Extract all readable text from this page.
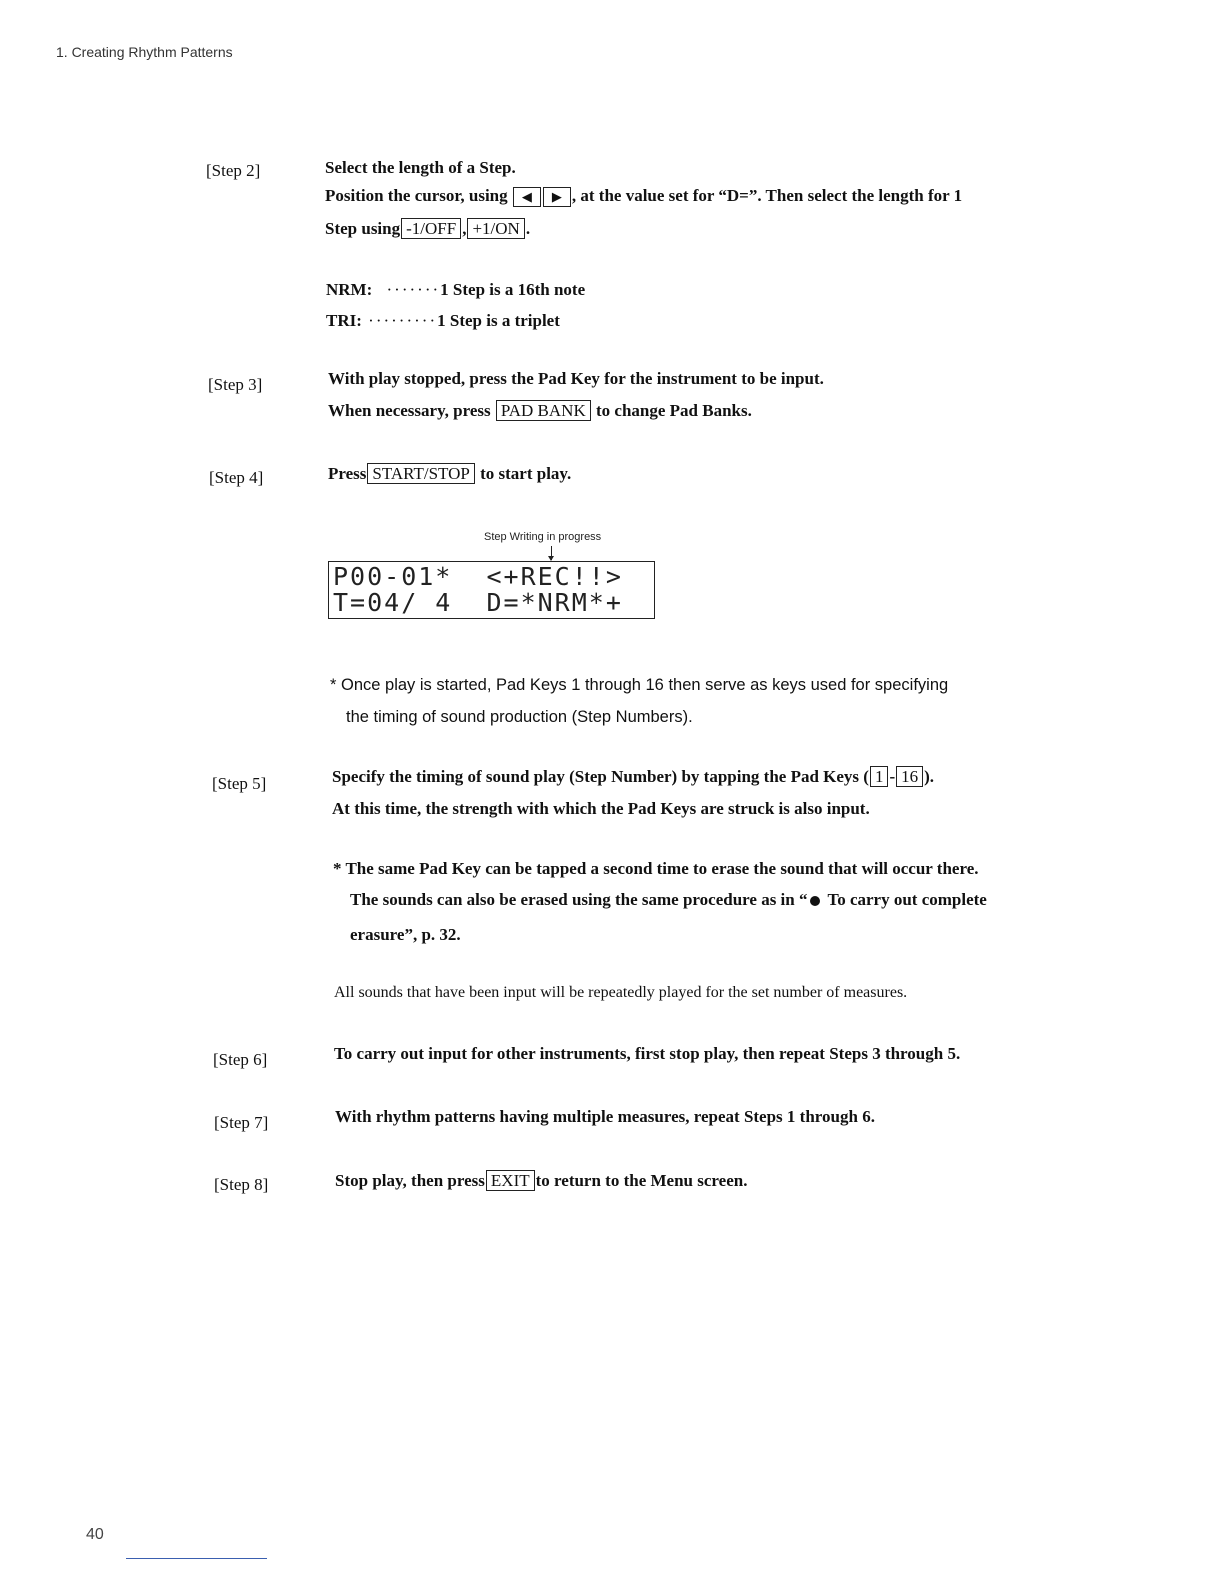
1. Creating Rhythm Patterns
[Step 2]	Select the length of a Step.
Position the cursor, using ◀ ▶ , at the value set for “D=”. Then select the length for 1
Step using -1/OFF , +1/ON .
NRM: ·······1 Step is a 16th note
TRI: ·········1 Step is a triplet
[Step 3]	With play stopped, press the Pad Key for the instrument to be input.
When necessary, press PAD BANK to change Pad Banks.
[Step 4]	Press START/STOP to start play.
Step Writing in progress
P00-01*  <+REC!!>
T=04/ 4  D=*NRM*+
* Once play is started, Pad Keys 1 through 16 then serve as keys used for specifying
the timing of sound production (Step Numbers).
[Step 5]	Specify the timing of sound play (Step Number) by tapping the Pad Keys ( 1 - 16 ).
At this time, the strength with which the Pad Keys are struck is also input.
* The same Pad Key can be tapped a second time to erase the sound that will occur there.
The sounds can also be erased using the same procedure as in “ To carry out complete
erasure”, p. 32.
All sounds that have been input will be repeatedly played for the set number of measures.
[Step 6]	To carry out input for other instruments, first stop play, then repeat Steps 3 through 5.
[Step 7]	With rhythm patterns having multiple measures, repeat Steps 1 through 6.
[Step 8]	Stop play, then press EXIT to return to the Menu screen.
40
